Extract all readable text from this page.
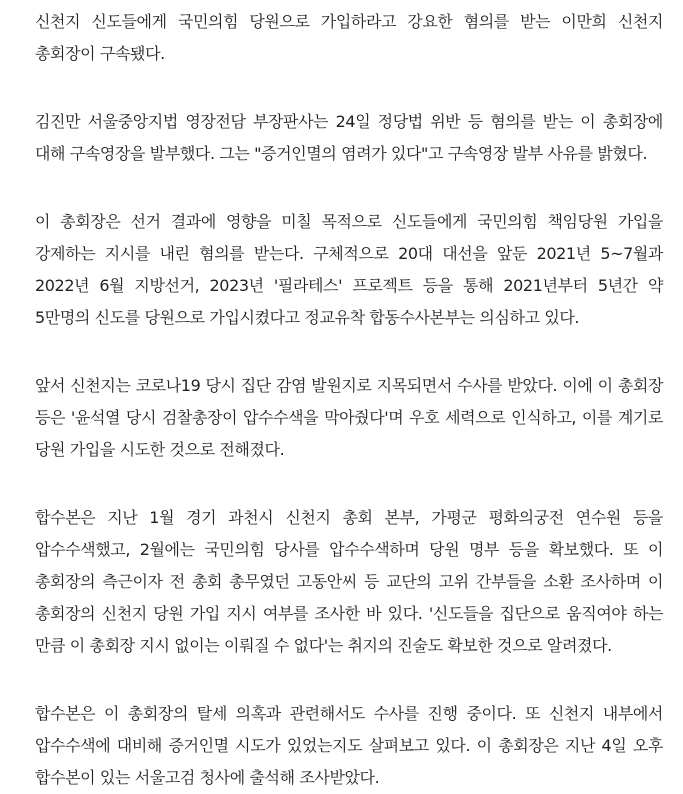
신천지 신도들에게 국민의힘 당원으로 가입하라고 강요한 혐의를 받는 이만희 신천지 총회장이 구속됐다.

김진만 서울중앙지법 영장전담 부장판사는 24일 정당법 위반 등 혐의를 받는 이 총회장에 대해 구속영장을 발부했다. 그는 "증거인멸의 염려가 있다"고 구속영장 발부 사유를 밝혔다.

이 총회장은 선거 결과에 영향을 미칠 목적으로 신도들에게 국민의힘 책임당원 가입을 강제하는 지시를 내린 혐의를 받는다. 구체적으로 20대 대선을 앞둔 2021년 5~7월과 2022년 6월 지방선거, 2023년 '필라테스' 프로젝트 등을 통해 2021년부터 5년간 약 5만명의 신도를 당원으로 가입시켰다고 정교유착 합동수사본부는 의심하고 있다.

앞서 신천지는 코로나19 당시 집단 감염 발원지로 지목되면서 수사를 받았다. 이에 이 총회장 등은 '윤석열 당시 검찰총장이 압수수색을 막아줬다'며 우호 세력으로 인식하고, 이를 계기로 당원 가입을 시도한 것으로 전해졌다.

합수본은 지난 1월 경기 과천시 신천지 총회 본부, 가평군 평화의궁전 연수원 등을 압수수색했고, 2월에는 국민의힘 당사를 압수수색하며 당원 명부 등을 확보했다. 또 이 총회장의 측근이자 전 총회 총무였던 고동안씨 등 교단의 고위 간부들을 소환 조사하며 이 총회장의 신천지 당원 가입 지시 여부를 조사한 바 있다. '신도들을 집단으로 움직여야 하는 만큼 이 총회장 지시 없이는 이뤄질 수 없다'는 취지의 진술도 확보한 것으로 알려졌다.

합수본은 이 총회장의 탈세 의혹과 관련해서도 수사를 진행 중이다. 또 신천지 내부에서 압수수색에 대비해 증거인멸 시도가 있었는지도 살펴보고 있다. 이 총회장은 지난 4일 오후 합수본이 있는 서울고검 청사에 출석해 조사받았다.
